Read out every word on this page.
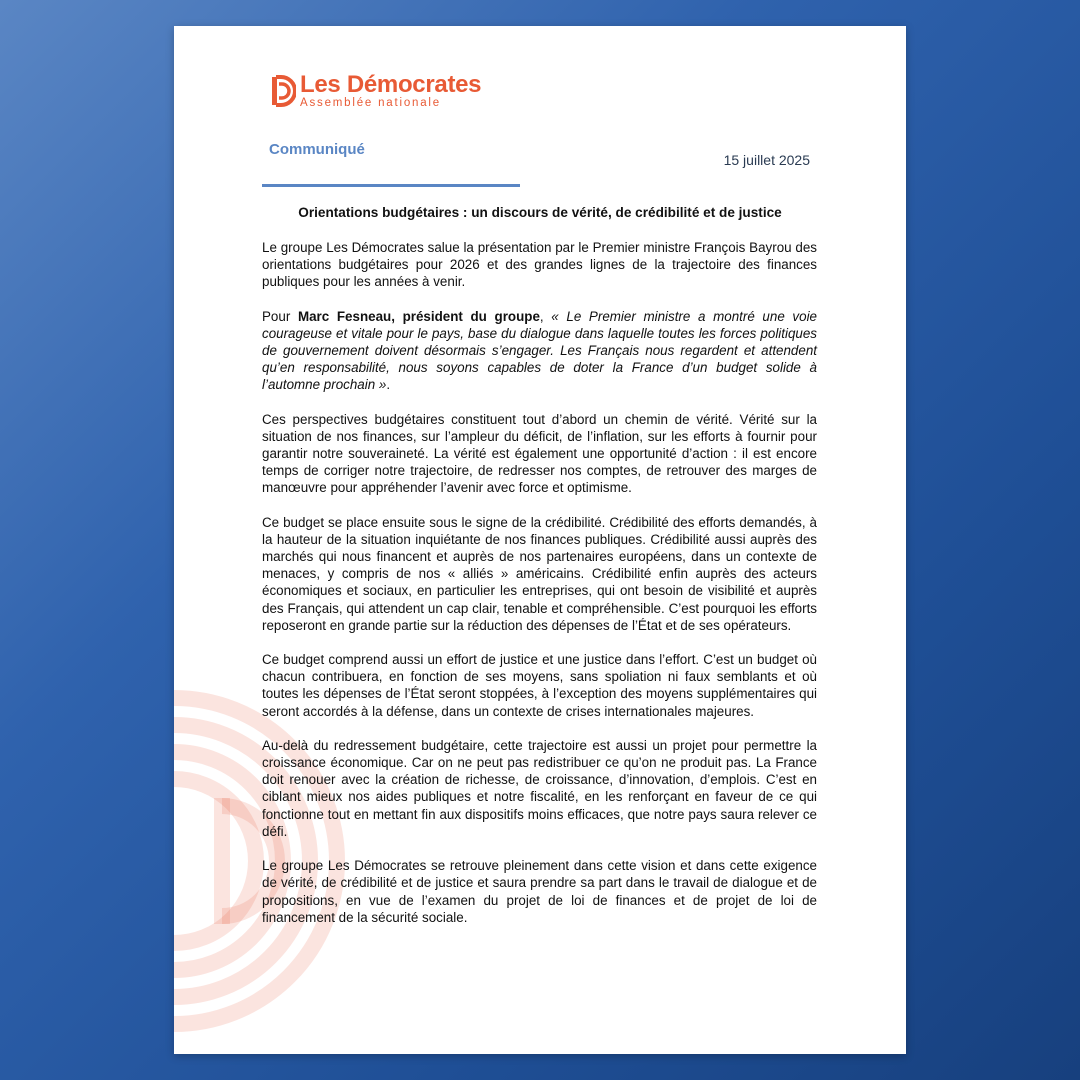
Les Démocrates
Assemblée nationale
Communiqué
15 juillet 2025
Orientations budgétaires : un discours de vérité, de crédibilité et de justice

Le groupe Les Démocrates salue la présentation par le Premier ministre François Bayrou des orientations budgétaires pour 2026 et des grandes lignes de la trajectoire des finances publiques pour les années à venir.

Pour Marc Fesneau, président du groupe, « Le Premier ministre a montré une voie courageuse et vitale pour le pays, base du dialogue dans laquelle toutes les forces politiques de gouvernement doivent désormais s’engager. Les Français nous regardent et attendent qu’en responsabilité, nous soyons capables de doter la France d’un budget solide à l’automne prochain ».

Ces perspectives budgétaires constituent tout d’abord un chemin de vérité. Vérité sur la situation de nos finances, sur l’ampleur du déficit, de l’inflation, sur les efforts à fournir pour garantir notre souveraineté. La vérité est également une opportunité d’action : il est encore temps de corriger notre trajectoire, de redresser nos comptes, de retrouver des marges de manœuvre pour appréhender l’avenir avec force et optimisme.

Ce budget se place ensuite sous le signe de la crédibilité. Crédibilité des efforts demandés, à la hauteur de la situation inquiétante de nos finances publiques. Crédibilité aussi auprès des marchés qui nous financent et auprès de nos partenaires européens, dans un contexte de menaces, y compris de nos « alliés » américains. Crédibilité enfin auprès des acteurs économiques et sociaux, en particulier les entreprises, qui ont besoin de visibilité et auprès des Français, qui attendent un cap clair, tenable et compréhensible. C’est pourquoi les efforts reposeront en grande partie sur la réduction des dépenses de l’État et de ses opérateurs.

Ce budget comprend aussi un effort de justice et une justice dans l’effort. C’est un budget où chacun contribuera, en fonction de ses moyens, sans spoliation ni faux semblants et où toutes les dépenses de l’État seront stoppées, à l’exception des moyens supplémentaires qui seront accordés à la défense, dans un contexte de crises internationales majeures.

Au-delà du redressement budgétaire, cette trajectoire est aussi un projet pour permettre la croissance économique. Car on ne peut pas redistribuer ce qu’on ne produit pas. La France doit renouer avec la création de richesse, de croissance, d’innovation, d’emplois. C’est en ciblant mieux nos aides publiques et notre fiscalité, en les renforçant en faveur de ce qui fonctionne tout en mettant fin aux dispositifs moins efficaces, que notre pays saura relever ce défi.

Le groupe Les Démocrates se retrouve pleinement dans cette vision et dans cette exigence de vérité, de crédibilité et de justice et saura prendre sa part dans le travail de dialogue et de propositions, en vue de l’examen du projet de loi de finances et de projet de loi de financement de la sécurité sociale.
